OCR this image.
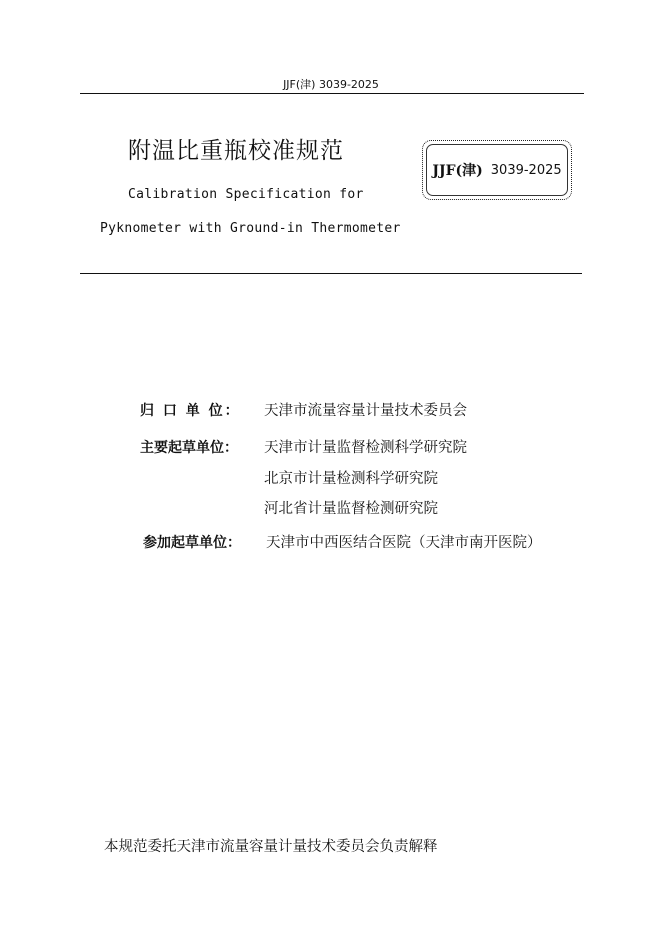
JJF(津) 3039-2025
附温比重瓶校准规范
Calibration Specification for
Pyknometer with Ground-in Thermometer
JJF(津) 3039-2025
归 口 单 位： 天津市流量容量计量技术委员会
主要起草单位： 天津市计量监督检测科学研究院
北京市计量检测科学研究院
河北省计量监督检测研究院
参加起草单位： 天津市中西医结合医院（天津市南开医院）
本规范委托天津市流量容量计量技术委员会负责解释
